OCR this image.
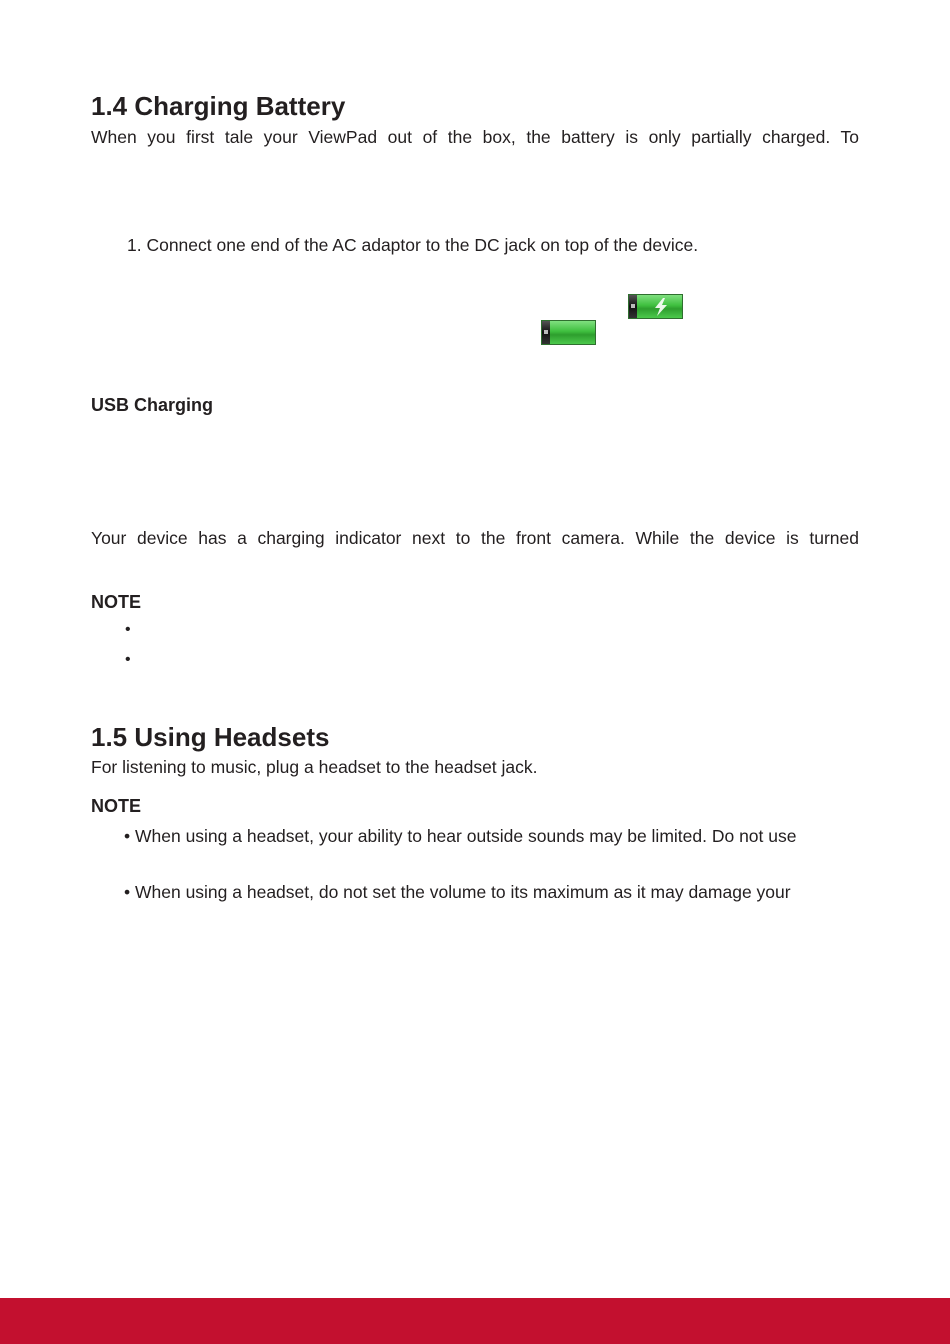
1.4 Charging Battery
When you first tale your ViewPad out of the box, the battery is only partially charged. To
1. Connect one end of the AC adaptor to the DC jack on top of the device.
USB Charging
Your device has a charging indicator next to the front camera. While the device is turned
NOTE
•
•
1.5 Using Headsets
For listening to music, plug a headset to the headset jack.
NOTE
• When using a headset, your ability to hear outside sounds may be limited. Do not use
• When using a headset, do not set the volume to its maximum as it may damage your
